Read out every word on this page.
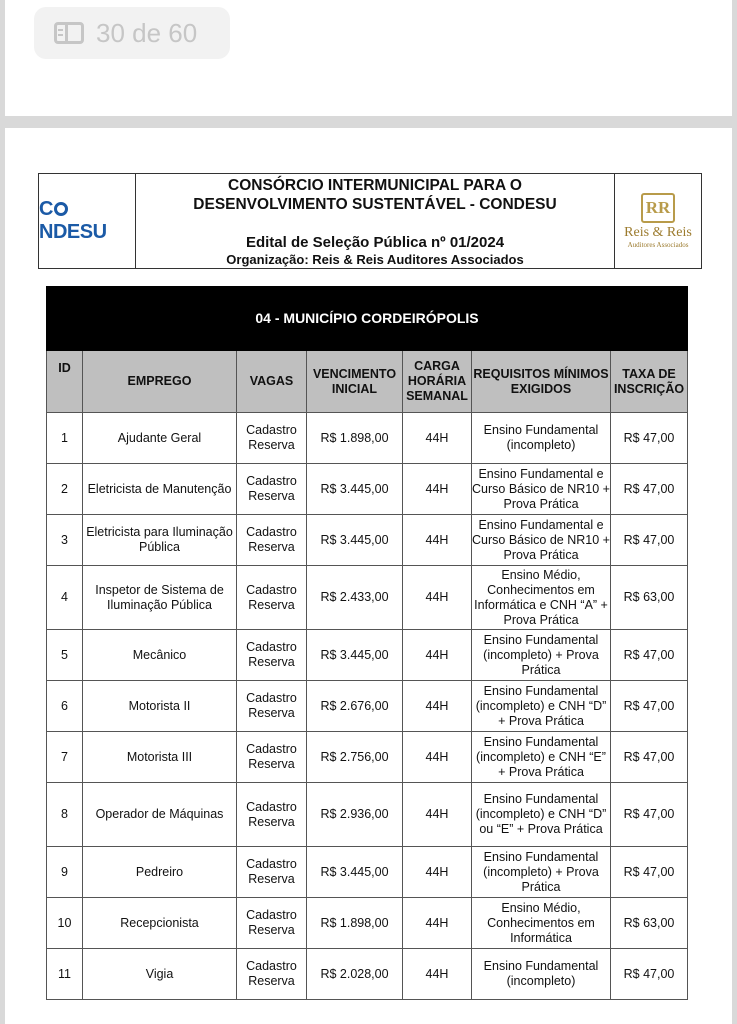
30 de 60
CNDESU
CONSÓRCIO INTERMUNICIPAL PARA O
DESENVOLVIMENTO SUSTENTÁVEL - CONDESU
Edital de Seleção Pública nº 01/2024
Organização: Reis & Reis Auditores Associados
RR
Reis & Reis
Auditores Associados
04 - MUNICÍPIO CORDEIRÓPOLIS						
ID	EMPREGO	VAGAS	VENCIMENTO INICIAL	CARGA HORÁRIA SEMANAL	REQUISITOS MÍNIMOS EXIGIDOS	TAXA DE INSCRIÇÃO
1	Ajudante Geral	Cadastro Reserva	R$ 1.898,00	44H	Ensino Fundamental (incompleto)	R$ 47,00
2	Eletricista de Manutenção	Cadastro Reserva	R$ 3.445,00	44H	Ensino Fundamental e Curso Básico de NR10 + Prova Prática	R$ 47,00
3	Eletricista para Iluminação Pública	Cadastro Reserva	R$ 3.445,00	44H	Ensino Fundamental e Curso Básico de NR10 + Prova Prática	R$ 47,00
4	Inspetor de Sistema de Iluminação Pública	Cadastro Reserva	R$ 2.433,00	44H	Ensino Médio, Conhecimentos em Informática e CNH “A” + Prova Prática	R$ 63,00
5	Mecânico	Cadastro Reserva	R$ 3.445,00	44H	Ensino Fundamental (incompleto) + Prova Prática	R$ 47,00
6	Motorista II	Cadastro Reserva	R$ 2.676,00	44H	Ensino Fundamental (incompleto) e CNH “D” + Prova Prática	R$ 47,00
7	Motorista III	Cadastro Reserva	R$ 2.756,00	44H	Ensino Fundamental (incompleto) e CNH “E” + Prova Prática	R$ 47,00
8	Operador de Máquinas	Cadastro Reserva	R$ 2.936,00	44H	Ensino Fundamental (incompleto) e CNH “D” ou “E” + Prova Prática	R$ 47,00
9	Pedreiro	Cadastro Reserva	R$ 3.445,00	44H	Ensino Fundamental (incompleto) + Prova Prática	R$ 47,00
10	Recepcionista	Cadastro Reserva	R$ 1.898,00	44H	Ensino Médio, Conhecimentos em Informática	R$ 63,00
11	Vigia	Cadastro Reserva	R$ 2.028,00	44H	Ensino Fundamental (incompleto)	R$ 47,00
